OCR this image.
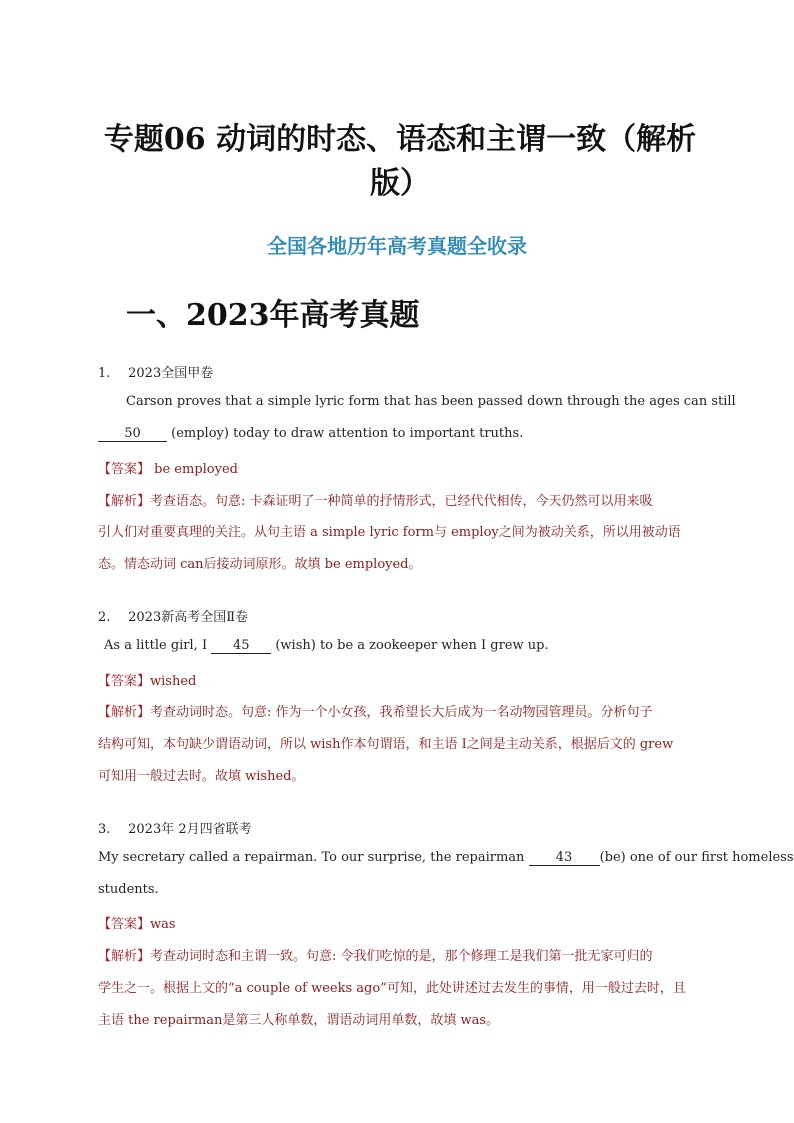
专题06 动词的时态、语态和主谓一致（解析
版）
全国各地历年高考真题全收录
一、2023年高考真题
1. 2023全国甲卷
Carson proves that a simple lyric form that has been passed down through the ages can still
50 (employ) today to draw attention to important truths.
【答案】 be employed
【解析】考查语态。句意: 卡森证明了一种简单的抒情形式，已经代代相传，今天仍然可以用来吸
引人们对重要真理的关注。从句主语 a simple lyric form与 employ之间为被动关系，所以用被动语
态。情态动词 can后接动词原形。故填 be employed。
2. 2023新高考全国Ⅱ卷
As a little girl, I 45 (wish) to be a zookeeper when I grew up.
【答案】wished
【解析】考查动词时态。句意: 作为一个小女孩，我希望长大后成为一名动物园管理员。分析句子
结构可知，本句缺少谓语动词，所以 wish作本句谓语，和主语 I之间是主动关系，根据后文的 grew
可知用一般过去时。故填 wished。
3. 2023年 2月四省联考
My secretary called a repairman. To our surprise, the repairman 43 (be) one of our first homeless
students.
【答案】was
【解析】考查动词时态和主谓一致。句意: 令我们吃惊的是，那个修理工是我们第一批无家可归的
学生之一。根据上文的“a couple of weeks ago”可知，此处讲述过去发生的事情，用一般过去时，且
主语 the repairman是第三人称单数，谓语动词用单数，故填 was。
